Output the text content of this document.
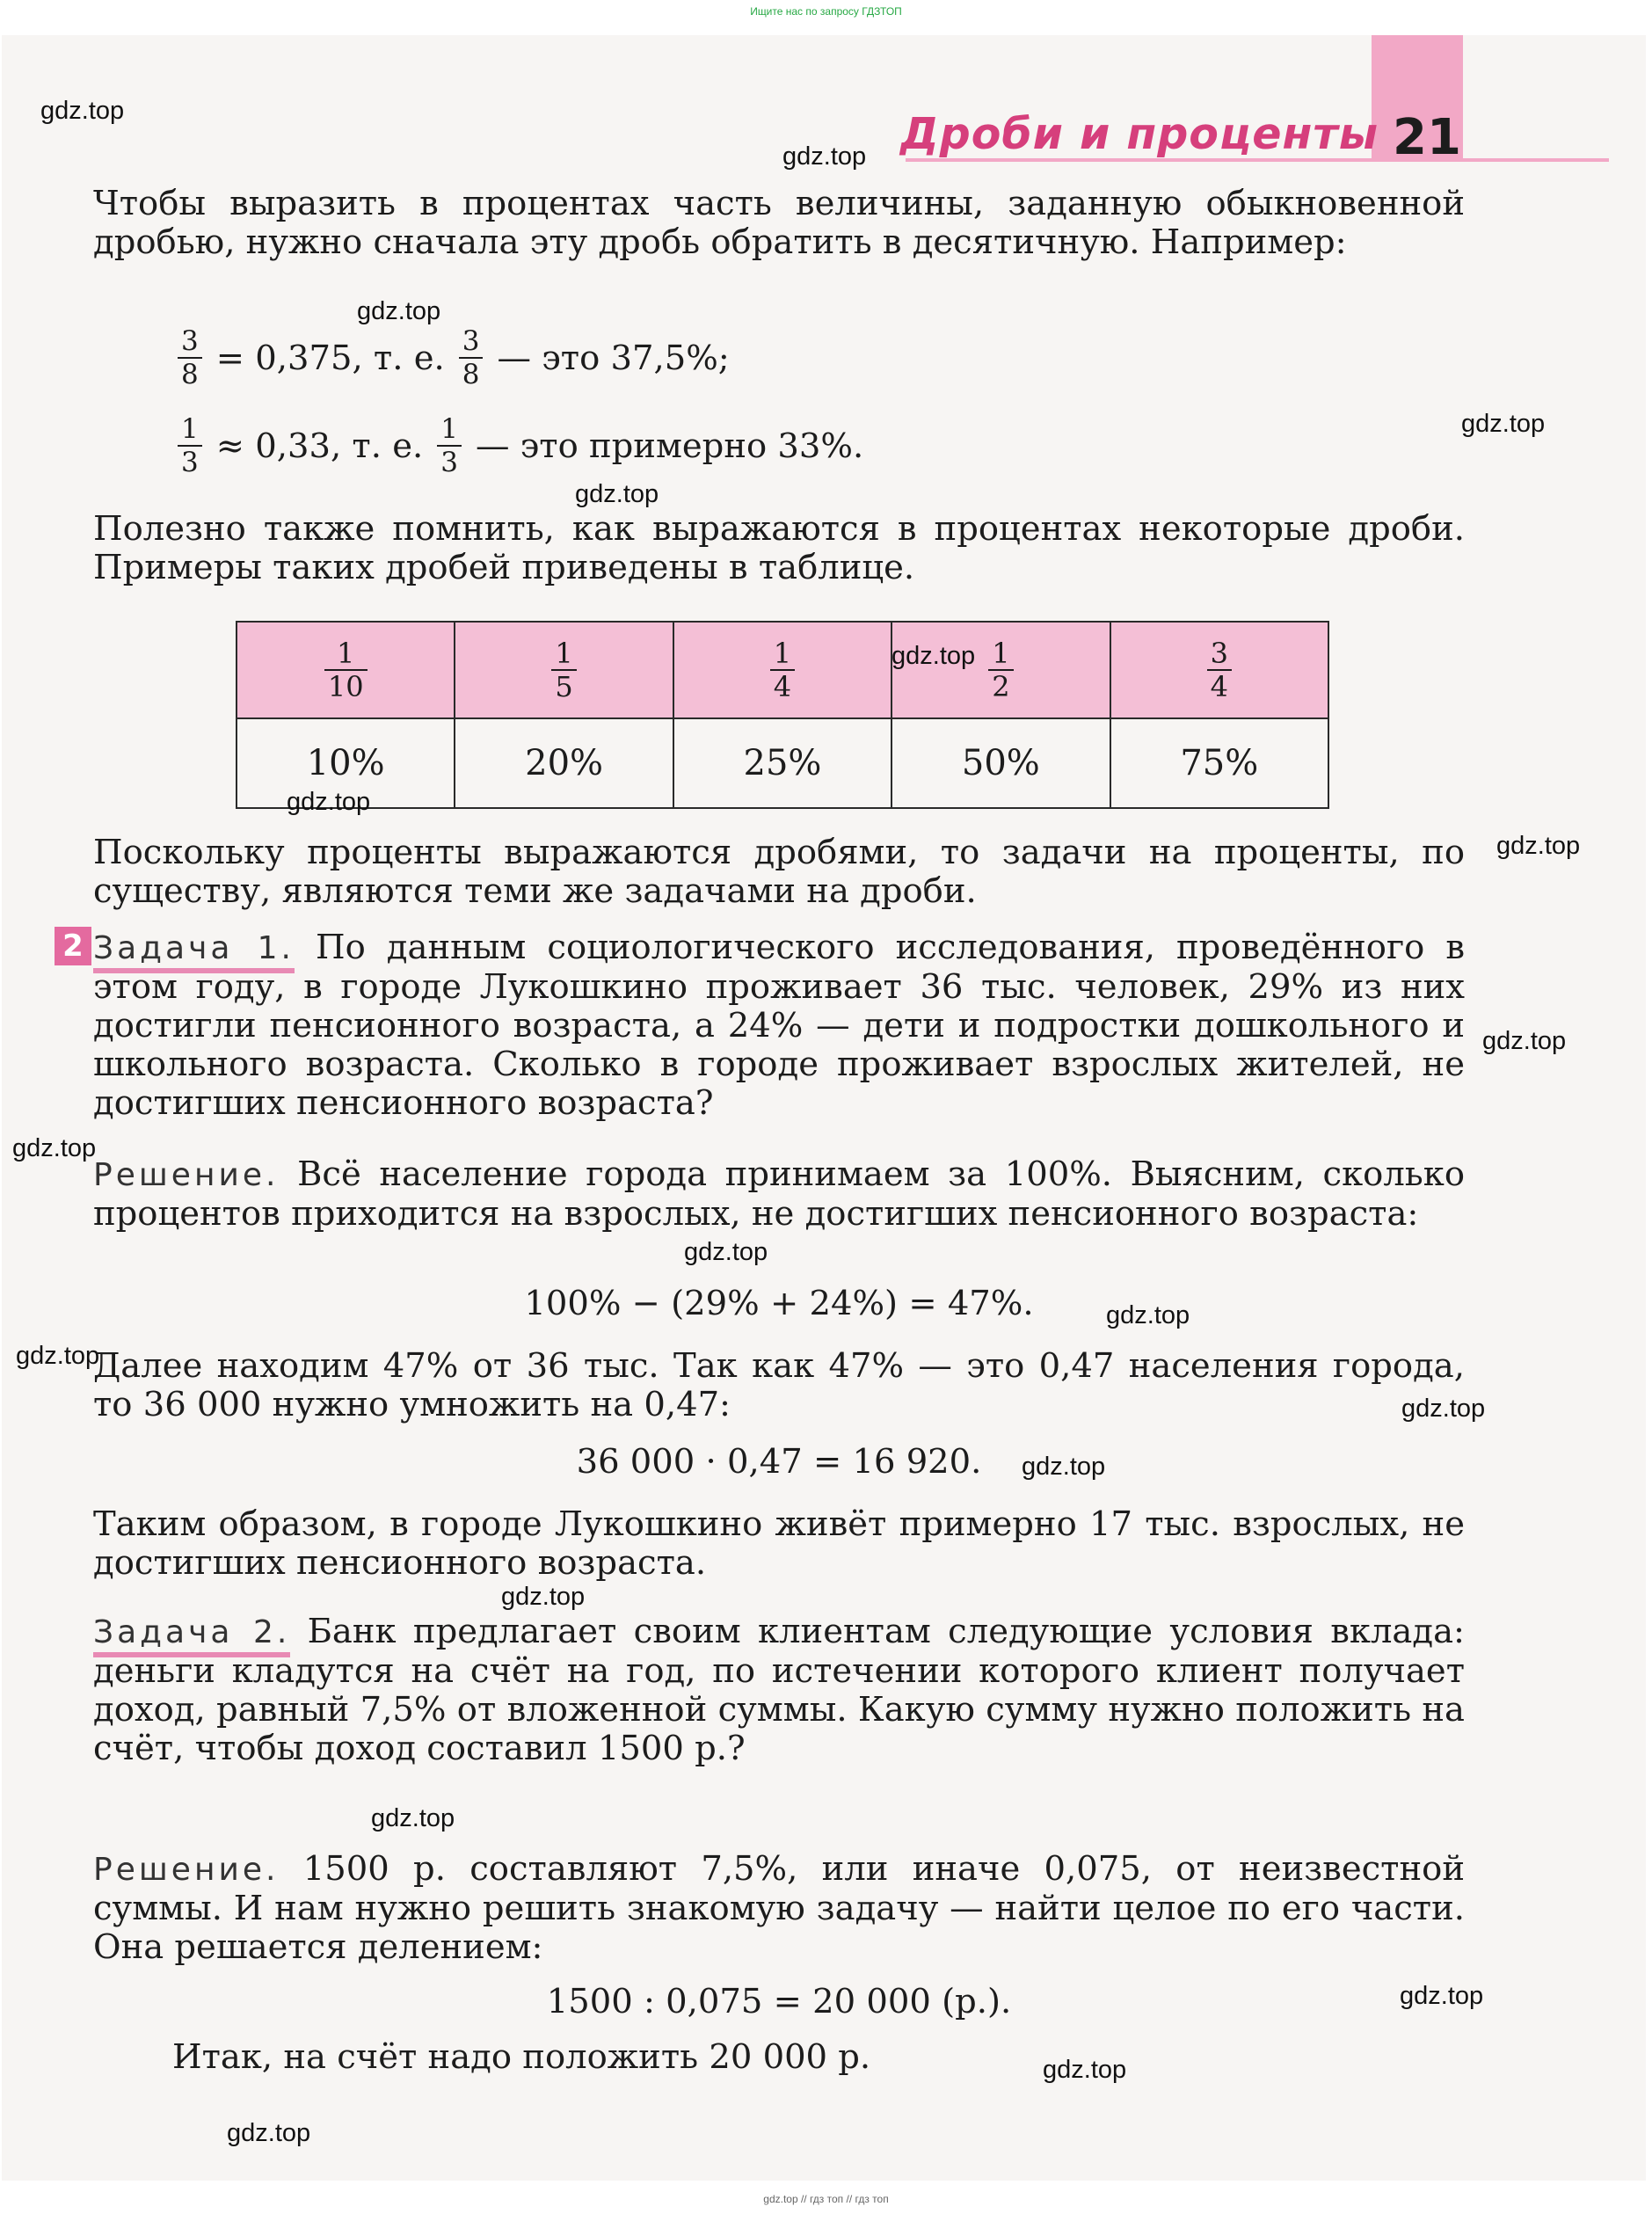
Ищите нас по запросу ГДЗТОП
Дроби и проценты 21
Чтобы выразить в процентах часть величины, заданную обыкновенной дробью, нужно сначала эту дробь обратить в десятичную. Например:
$\frac{3}{8} = 0,375$, т. е. $\frac{3}{8}$ — это 37,5%;
$\frac{1}{3} \approx 0,33$, т. е. $\frac{1}{3}$ — это примерно 33%.
Полезно также помнить, как выражаются в процентах некоторые дроби. Примеры таких дробей приведены в таблице.
$\frac{1}{10}$	$\frac{1}{5}$	$\frac{1}{4}$	$\frac{1}{2}$	$\frac{3}{4}$

10%	20%	25%	50%	75%
Поскольку проценты выражаются дробями, то задачи на проценты, по существу, являются теми же задачами на дроби.
2 Задача 1. По данным социологического исследования, проведённого в этом году, в городе Лукошкино проживает 36 тыс. человек, 29% из них достигли пенсионного возраста, а 24% — дети и подростки дошкольного и школьного возраста. Сколько в городе проживает взрослых жителей, не достигших пенсионного возраста?
Решение. Всё население города принимаем за 100%. Выясним, сколько процентов приходится на взрослых, не достигших пенсионного возраста:
100% − (29% + 24%) = 47%.
Далее находим 47% от 36 тыс. Так как 47% — это 0,47 населения города, то 36 000 нужно умножить на 0,47:
36 000 · 0,47 = 16 920.
Таким образом, в городе Лукошкино живёт примерно 17 тыс. взрослых, не достигших пенсионного возраста.
Задача 2. Банк предлагает своим клиентам следующие условия вклада: деньги кладутся на счёт на год, по истечении которого клиент получает доход, равный 7,5% от вложенной суммы. Какую сумму нужно положить на счёт, чтобы доход составил 1500 р.?
Решение. 1500 р. составляют 7,5%, или иначе 0,075, от неизвестной суммы. И нам нужно решить знакомую задачу — найти целое по его части. Она решается делением:
1500 : 0,075 = 20 000 (р.).
Итак, на счёт надо положить 20 000 р.
gdz.top
gdz.top
gdz.top
gdz.top
gdz.top
gdz.top
gdz.top
gdz.top
gdz.top
gdz.top
gdz.top
gdz.top
gdz.top
gdz.top
gdz.top
gdz.top
gdz.top
gdz.top
gdz.top
gdz.top
gdz.top // гдз топ // гдз топ
